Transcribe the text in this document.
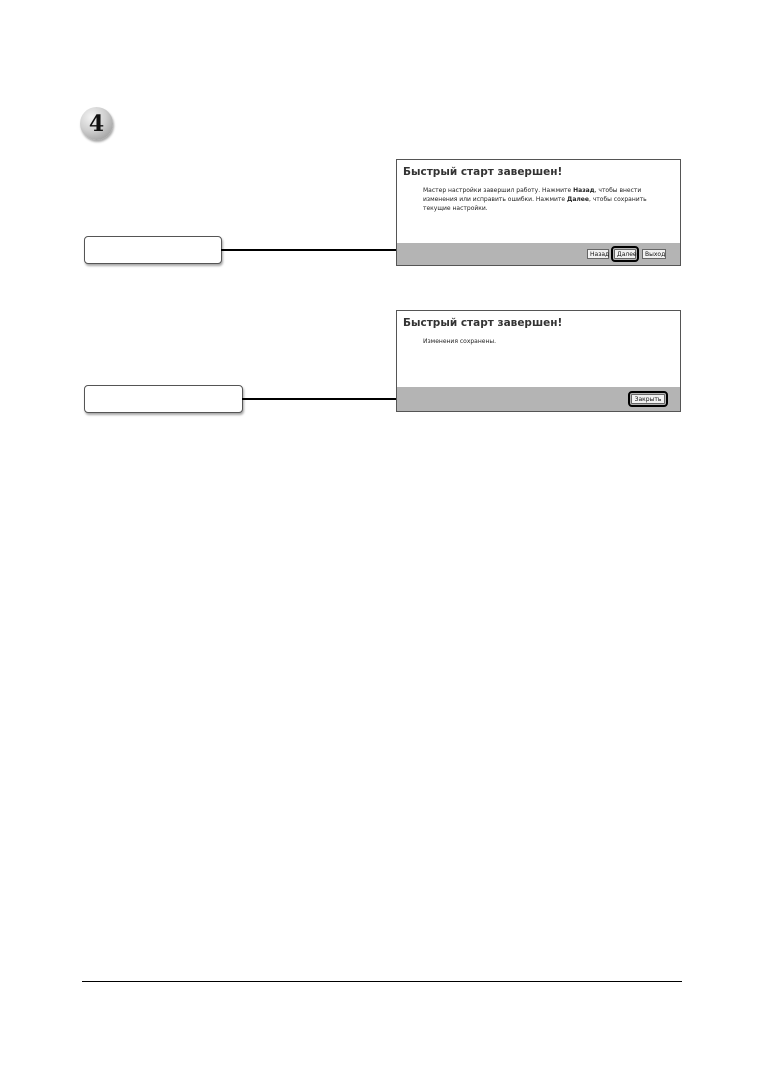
4
Быстрый старт завершен!
Мастер настройки завершил работу. Нажмите Назад, чтобы внести изменения или исправить ошибки. Нажмите Далее, чтобы сохранить текущие настройки.
Назад	Далее	Выход
Быстрый старт завершен!
Изменения сохранены.
Закрыть
